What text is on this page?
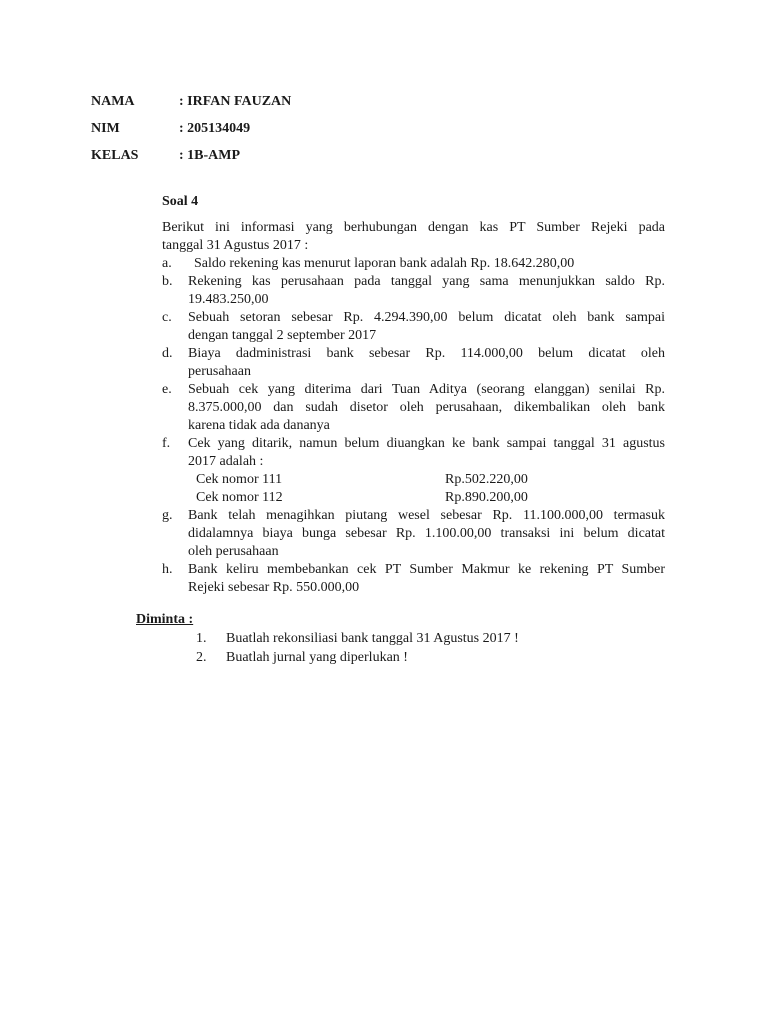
NAMA	: IRFAN FAUZAN
NIM	: 205134049
KELAS	: 1B-AMP
Soal 4
Berikut ini informasi yang berhubungan dengan kas PT Sumber Rejeki pada
tanggal 31 Agustus 2017 :
a. Saldo rekening kas menurut laporan bank adalah Rp. 18.642.280,00
b. Rekening kas perusahaan pada tanggal yang sama menunjukkan saldo Rp.
19.483.250,00
c. Sebuah setoran sebesar Rp. 4.294.390,00 belum dicatat oleh bank sampai
dengan tanggal 2 september 2017
d. Biaya dadministrasi bank sebesar Rp. 114.000,00 belum dicatat oleh
perusahaan
e. Sebuah cek yang diterima dari Tuan Aditya (seorang elanggan) senilai Rp.
8.375.000,00 dan sudah disetor oleh perusahaan, dikembalikan oleh bank
karena tidak ada dananya
f. Cek yang ditarik, namun belum diuangkan ke bank sampai tanggal 31 agustus
2017 adalah :
Cek nomor 111	Rp.502.220,00
Cek nomor 112	Rp.890.200,00
g. Bank telah menagihkan piutang wesel sebesar Rp. 11.100.000,00 termasuk
didalamnya biaya bunga sebesar Rp. 1.100.00,00 transaksi ini belum dicatat
oleh perusahaan
h. Bank keliru membebankan cek PT Sumber Makmur ke rekening PT Sumber
Rejeki sebesar Rp. 550.000,00
Diminta :
1. Buatlah rekonsiliasi bank tanggal 31 Agustus 2017 !
2. Buatlah jurnal yang diperlukan !
